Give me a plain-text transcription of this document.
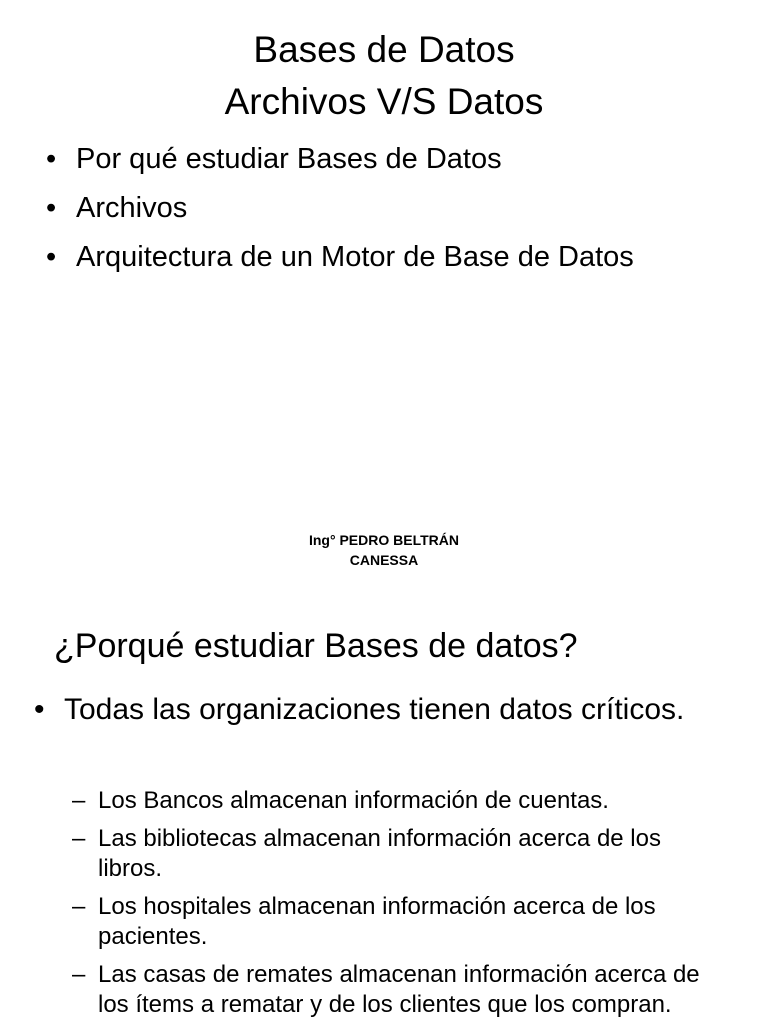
Bases de Datos
Archivos V/S Datos
• Por qué estudiar Bases de Datos
• Archivos
• Arquitectura de un Motor de Base de Datos
Ing° PEDRO BELTRÁN
CANESSA
¿Porqué estudiar Bases de datos?
• Todas las organizaciones tienen datos críticos.
– Los Bancos almacenan información de cuentas.
– Las bibliotecas almacenan información acerca de los libros.
– Los hospitales almacenan información acerca de los pacientes.
– Las casas de remates almacenan información acerca de los ítems a rematar y de los clientes que los compran.
